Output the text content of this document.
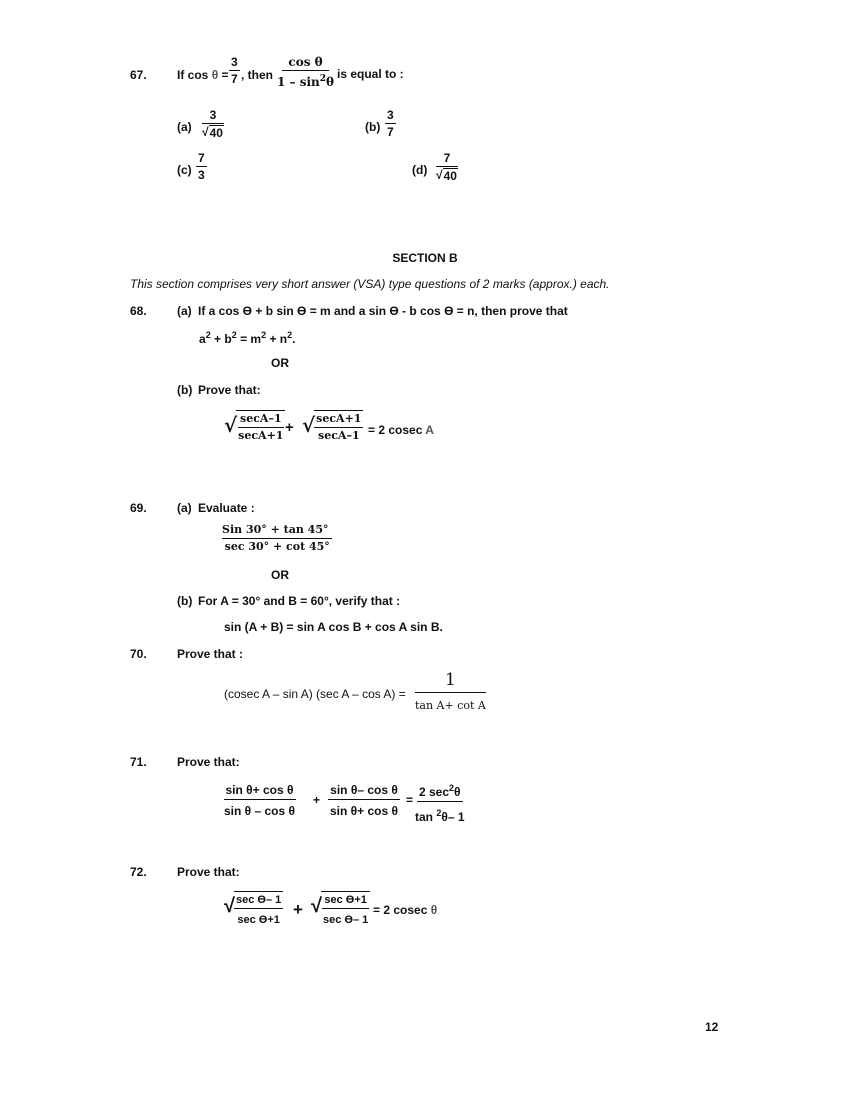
67.	If $\cos \theta = \frac{3}{7}$ , then $\frac{\text{cos θ}}{1 - \sin^2\theta}$ is equal to :
$(a) \frac{3}{√ 40}$	$(b) \frac{3}{7}$
$(c) \frac{7}{3}$	$(d) \frac{7}{√ 40}$
SECTION B
This section comprises very short answer (VSA) type questions of 2 marks (approx.) each.
68.	(a) If a cos ϴ + b sin ϴ = m and a sin ϴ - b cos ϴ = n, then prove that
$a^2 + b^2 = m^2 + n^2$.
OR
(b) Prove that:
√ $\frac{\sec A-1}{\sec A+1}$ + √ $\frac{\sec A+1}{\sec A-1} = 2$ cosec A
69.	(a) Evaluate :
Sin 30° + tan 45°
sec 30° + cot 45°
OR
(b) For A = 30° and B = 60°, verify that :
sin (A + B) = sin A cos B + cos A sin B.
70.	Prove that :
(cosec A – sin A) (sec A – cos A) =
1
tan A+ cot A
71.	Prove that:
$\frac{\text{sin θ+ cos θ}}{\text{sin θ – cos θ}} + \frac{\text{sin θ– cos θ}}{\text{sin θ+ cos θ}}$ =
2 $\sec^2\theta$
tan $^2$θ– 1
72.	Prove that:
√ $\frac{\text{sec ϴ– 1}}{\text{sec ϴ+1}}$ + √ $\frac{\text{sec ϴ+1}}{\text{sec ϴ– 1}} = 2$ cosec θ
12
